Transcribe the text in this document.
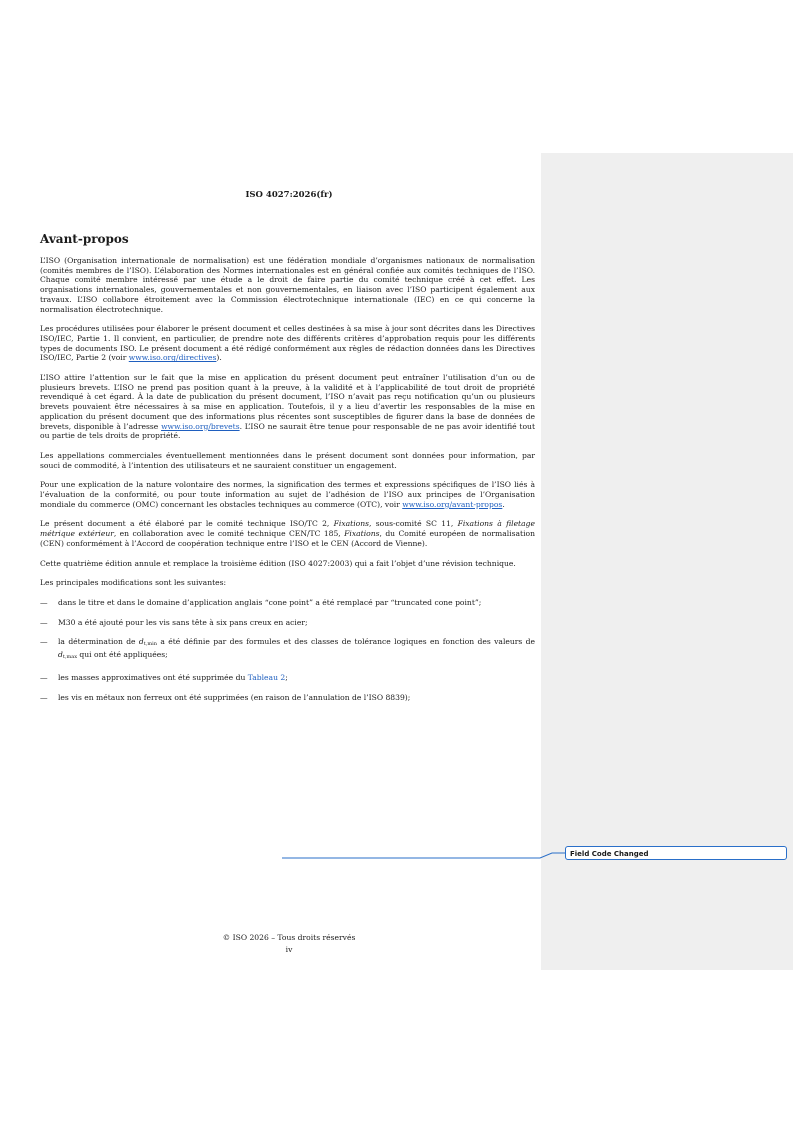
ISO 4027:2026(fr)
Avant-propos

L’ISO (Organisation internationale de normalisation) est une fédération mondiale d’organismes nationaux de normalisation (comités membres de l’ISO). L’élaboration des Normes internationales est en général confiée aux comités techniques de l’ISO. Chaque comité membre intéressé par une étude a le droit de faire partie du comité technique créé à cet effet. Les organisations internationales, gouvernementales et non gouvernementales, en liaison avec l’ISO participent également aux travaux. L’ISO collabore étroitement avec la Commission électrotechnique internationale (IEC) en ce qui concerne la normalisation électrotechnique.

Les procédures utilisées pour élaborer le présent document et celles destinées à sa mise à jour sont décrites dans les Directives ISO/IEC, Partie 1. Il convient, en particulier, de prendre note des différents critères d’approbation requis pour les différents types de documents ISO. Le présent document a été rédigé conformément aux règles de rédaction données dans les Directives ISO/IEC, Partie 2 (voir www.iso.org/directives).

L’ISO attire l’attention sur le fait que la mise en application du présent document peut entraîner l’utilisation d’un ou de plusieurs brevets. L’ISO ne prend pas position quant à la preuve, à la validité et à l’applicabilité de tout droit de propriété revendiqué à cet égard. À la date de publication du présent document, l’ISO n’avait pas reçu notification qu’un ou plusieurs brevets pouvaient être nécessaires à sa mise en application. Toutefois, il y a lieu d’avertir les responsables de la mise en application du présent document que des informations plus récentes sont susceptibles de figurer dans la base de données de brevets, disponible à l’adresse www.iso.org/brevets. L’ISO ne saurait être tenue pour responsable de ne pas avoir identifié tout ou partie de tels droits de propriété.

Les appellations commerciales éventuellement mentionnées dans le présent document sont données pour information, par souci de commodité, à l’intention des utilisateurs et ne sauraient constituer un engagement.

Pour une explication de la nature volontaire des normes, la signification des termes et expressions spécifiques de l’ISO liés à l’évaluation de la conformité, ou pour toute information au sujet de l’adhésion de l’ISO aux principes de l’Organisation mondiale du commerce (OMC) concernant les obstacles techniques au commerce (OTC), voir www.iso.org/avant-propos.

Le présent document a été élaboré par le comité technique ISO/TC 2, Fixations, sous-comité SC 11, Fixations à filetage métrique extérieur, en collaboration avec le comité technique CEN/TC 185, Fixations, du Comité européen de normalisation (CEN) conformément à l’Accord de coopération technique entre l’ISO et le CEN (Accord de Vienne).

Cette quatrième édition annule et remplace la troisième édition (ISO 4027:2003) qui a fait l’objet d’une révision technique.

Les principales modifications sont les suivantes:

— dans le titre et dans le domaine d’application anglais “cone point” a été remplacé par “truncated cone point”;
— M30 a été ajouté pour les vis sans tête à six pans creux en acier;
— la détermination de $d_{t,min}$ a été définie par des formules et des classes de tolérance logiques en fonction des valeurs de $d_{t,max}$ qui ont été appliquées;
— les masses approximatives ont été supprimée du Tableau 2;
— les vis en métaux non ferreux ont été supprimées (en raison de l’annulation de l’ISO 8839);
Field Code Changed
© ISO 2026 – Tous droits réservés
iv
